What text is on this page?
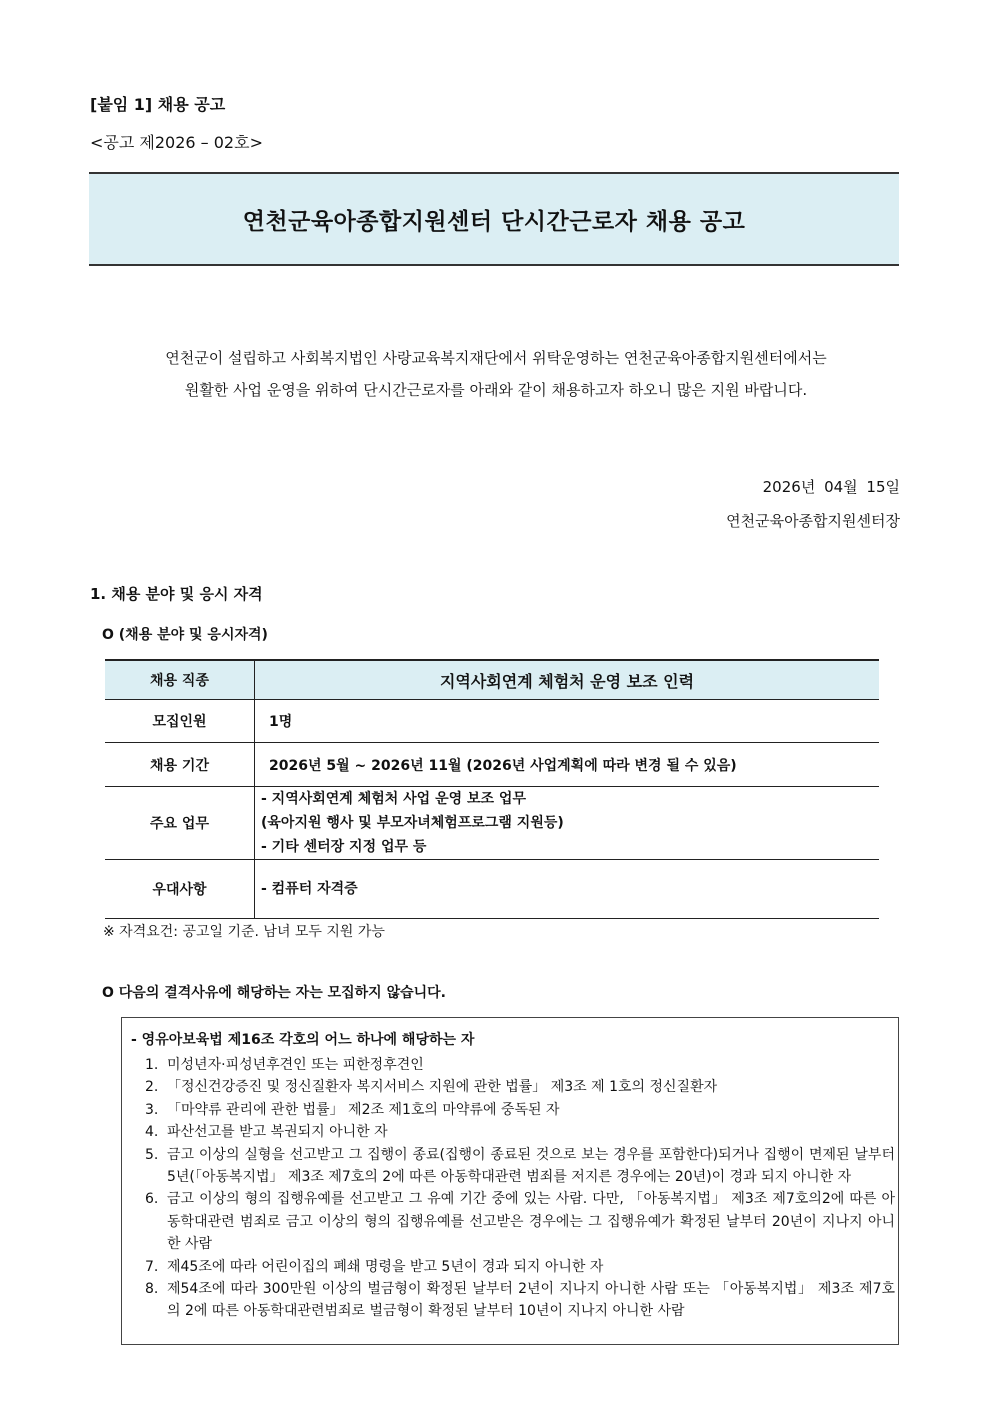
[붙임 1] 채용 공고
<공고 제2026 – 02호>
연천군육아종합지원센터 단시간근로자 채용 공고
연천군이 설립하고 사회복지법인 사랑교육복지재단에서 위탁운영하는 연천군육아종합지원센터에서는
원활한 사업 운영을 위하여 단시간근로자를 아래와 같이 채용하고자 하오니 많은 지원 바랍니다.
2026년 04월 15일
연천군육아종합지원센터장
1. 채용 분야 및 응시 자격
O (채용 분야 및 응시자격)
채용 직종	지역사회연계 체험처 운영 보조 인력
모집인원	1명
채용 기간	2026년 5월 ~ 2026년 11월 (2026년 사업계획에 따라 변경 될 수 있음)
주요 업무	- 지역사회연계 체험처 사업 운영 보조 업무
(육아지원 행사 및 부모자녀체험프로그램 지원등)
- 기타 센터장 지정 업무 등

우대사항	- 컴퓨터 자격증
※ 자격요건: 공고일 기준. 남녀 모두 지원 가능
O 다음의 결격사유에 해당하는 자는 모집하지 않습니다.
- 영유아보육법 제16조 각호의 어느 하나에 해당하는 자
1. 미성년자·피성년후견인 또는 피한정후견인
2. 「정신건강증진 및 정신질환자 복지서비스 지원에 관한 법률」 제3조 제 1호의 정신질환자
3. 「마약류 관리에 관한 법률」 제2조 제1호의 마약류에 중독된 자
4. 파산선고를 받고 복권되지 아니한 자
5. 금고 이상의 실형을 선고받고 그 집행이 종료(집행이 종료된 것으로 보는 경우를 포함한다)되거나 집행이 면제된 날부터 5년(「아동복지법」 제3조 제7호의 2에 따른 아동학대관련 범죄를 저지른 경우에는 20년)이 경과 되지 아니한 자
6. 금고 이상의 형의 집행유예를 선고받고 그 유예 기간 중에 있는 사람. 다만, 「아동복지법」 제3조 제7호의2에 따른 아동학대관련 범죄로 금고 이상의 형의 집행유예를 선고받은 경우에는 그 집행유예가 확정된 날부터 20년이 지나지 아니한 사람
7. 제45조에 따라 어린이집의 폐쇄 명령을 받고 5년이 경과 되지 아니한 자
8. 제54조에 따라 300만원 이상의 벌금형이 확정된 날부터 2년이 지나지 아니한 사람 또는 「아동복지법」 제3조 제7호의 2에 따른 아동학대관련범죄로 벌금형이 확정된 날부터 10년이 지나지 아니한 사람
